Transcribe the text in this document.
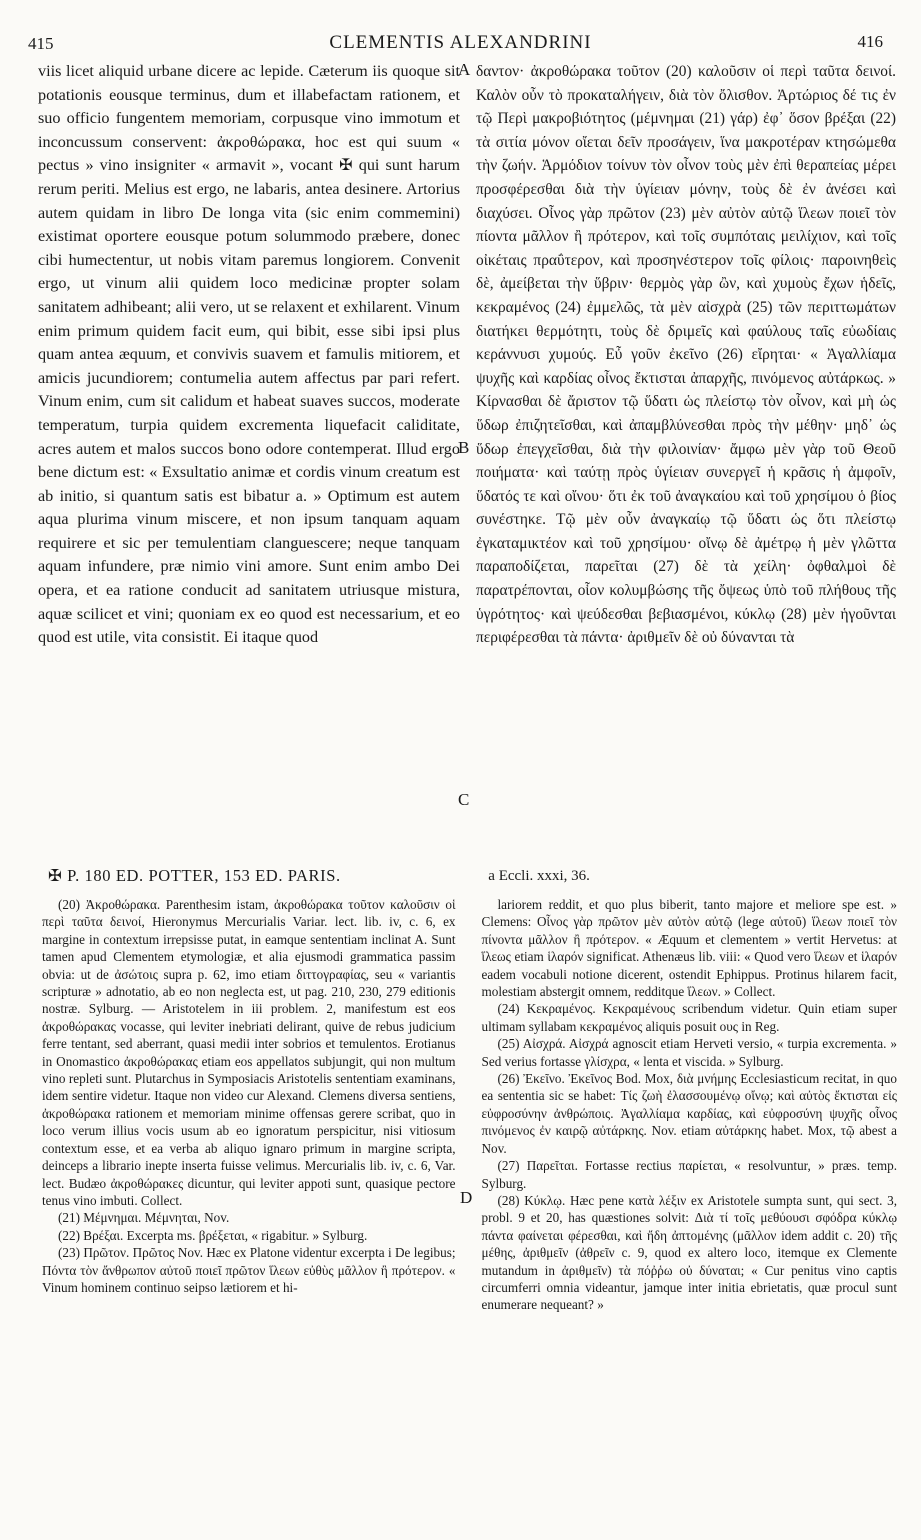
415	CLEMENTIS ALEXANDRINI	416

viis licet aliquid urbane dicere ac lepide. Cæterum iis quoque sit potationis eousque terminus, dum et illabefactam rationem, et suo officio fungentem memoriam, corpusque vino immotum et inconcussum conservent: ἀκροθώρακα, hoc est qui suum « pectus » vino insigniter « armavit », vocant ✠ qui sunt harum rerum periti. Melius est ergo, ne labaris, antea desinere. Artorius autem quidam in libro De longa vita (sic enim commemini) existimat oportere eousque potum solummodo præbere, donec cibi humectentur, ut nobis vitam paremus longiorem. Convenit ergo, ut vinum alii quidem loco medicinæ propter solam sanitatem adhibeant; alii vero, ut se relaxent et exhilarent. Vinum enim primum quidem facit eum, qui bibit, esse sibi ipsi plus quam antea æquum, et convivis suavem et famulis mitiorem, et amicis jucundiorem; contumelia autem affectus par pari refert. Vinum enim, cum sit calidum et habeat suaves succos, moderate temperatum, turpia quidem excrementa liquefacit caliditate, acres autem et malos succos bono odore contemperat. Illud ergo bene dictum est: « Exsultatio animæ et cordis vinum creatum est ab initio, si quantum satis est bibatur a. » Optimum est autem aqua plurima vinum miscere, et non ipsum tanquam aquam requirere et sic per temulentiam clanguescere; neque tanquam aquam infundere, præ nimio vini amore. Sunt enim ambo Dei opera, et ea ratione conducit ad sanitatem utriusque mistura, aquæ scilicet et vini; quoniam ex eo quod est necessarium, et eo quod est utile, vita consistit. Ei itaque quod

δαντον· ἀκροθώρακα τοῦτον (20) καλοῦσιν οἱ περὶ ταῦτα δεινοί. Καλὸν οὖν τὸ προκαταλήγειν, διὰ τὸν ὄλισθον. Ἀρτώριος δέ τις ἐν τῷ Περὶ μακροβιότητος (μέμνημαι (21) γάρ) ἐφ᾽ ὅσον βρέξαι (22) τὰ σιτία μόνον οἴεται δεῖν προσάγειν, ἵνα μακροτέραν κτησώμεθα τὴν ζωήν. Ἁρμόδιον τοίνυν τὸν οἶνον τοὺς μὲν ἐπὶ θεραπείας μέρει προσφέρεσθαι διὰ τὴν ὑγίειαν μόνην, τοὺς δὲ ἐν ἀνέσει καὶ διαχύσει. Οἶνος γὰρ πρῶτον (23) μὲν αὐτὸν αὐτῷ ἵλεων ποιεῖ τὸν πίοντα μᾶλλον ἢ πρότερον, καὶ τοῖς συμπόταις μειλίχιον, καὶ τοῖς οἰκέταις πραΰτερον, καὶ προσηνέστερον τοῖς φίλοις· παροινηθεὶς δὲ, ἀμείβεται τὴν ὕβριν· θερμὸς γὰρ ὢν, καὶ χυμοὺς ἔχων ἡδεῖς, κεκραμένος (24) ἐμμελῶς, τὰ μὲν αἰσχρὰ (25) τῶν περιττωμάτων διατήκει θερμότητι, τοὺς δὲ δριμεῖς καὶ φαύλους ταῖς εὐωδίαις κεράννυσι χυμούς. Εὖ γοῦν ἐκεῖνο (26) εἴρηται· « Ἀγαλλίαμα ψυχῆς καὶ καρδίας οἶνος ἔκτισται ἀπαρχῆς, πινόμενος αὐτάρκως. » Κίρνασθαι δὲ ἄριστον τῷ ὕδατι ὡς πλείστῳ τὸν οἶνον, καὶ μὴ ὡς ὕδωρ ἐπιζητεῖσθαι, καὶ ἀπαμβλύνεσθαι πρὸς τὴν μέθην· μηδ᾽ ὡς ὕδωρ ἐπεγχεῖσθαι, διὰ τὴν φιλοινίαν· ἄμφω μὲν γὰρ τοῦ Θεοῦ ποιήματα· καὶ ταύτῃ πρὸς ὑγίειαν συνεργεῖ ἡ κρᾶσις ἡ ἀμφοῖν, ὕδατός τε καὶ οἴνου· ὅτι ἐκ τοῦ ἀναγκαίου καὶ τοῦ χρησίμου ὁ βίος συνέστηκε. Τῷ μὲν οὖν ἀναγκαίῳ τῷ ὕδατι ὡς ὅτι πλείστῳ ἐγκαταμικτέον καὶ τοῦ χρησίμου· οἴνῳ δὲ ἀμέτρῳ ἡ μὲν γλῶττα παραποδίζεται, παρεῖται (27) δὲ τὰ χείλη· ὀφθαλμοὶ δὲ παρατρέπονται, οἷον κολυμβώσης τῆς ὄψεως ὑπὸ τοῦ πλήθους τῆς ὑγρότητος· καὶ ψεύδεσθαι βεβιασμένοι, κύκλῳ (28) μὲν ἡγοῦνται περιφέρεσθαι τὰ πάντα· ἀριθμεῖν δὲ οὐ δύνανται τὰ

A
B
C
✠ P. 180 ED. POTTER, 153 ED. PARIS.	a Eccli. xxxi, 36.

(20) Ἀκροθώρακα. Parenthesim istam, ἀκροθώρακα τοῦτον καλοῦσιν οἱ περὶ ταῦτα δεινοί, Hieronymus Mercurialis Variar. lect. lib. iv, c. 6, ex margine in contextum irrepsisse putat, in eamque sententiam inclinat A. Sunt tamen apud Clementem etymologiæ, et alia ejusmodi grammatica passim obvia: ut de ἀσώτοις supra p. 62, imo etiam διττογραφίας, seu « variantis scripturæ » adnotatio, ab eo non neglecta est, ut pag. 210, 230, 279 editionis nostræ. Sylburg. — Aristotelem in iii problem. 2, manifestum est eos ἀκροθώρακας vocasse, qui leviter inebriati delirant, quive de rebus judicium ferre tentant, sed aberrant, quasi medii inter sobrios et temulentos. Erotianus in Onomastico ἀκροθώρακας etiam eos appellatos subjungit, qui non multum vino repleti sunt. Plutarchus in Symposiacis Aristotelis sententiam examinans, idem sentire videtur. Itaque non video cur Alexand. Clemens diversa sentiens, ἀκροθώρακα rationem et memoriam minime offensas gerere scribat, quo in loco verum illius vocis usum ab eo ignoratum perspicitur, nisi vitiosum contextum esse, et ea verba ab aliquo ignaro primum in margine scripta, deinceps a librario inepte inserta fuisse velimus. Mercurialis lib. iv, c. 6, Var. lect. Budæo ἀκροθώρακες dicuntur, qui leviter appoti sunt, quasique pectore tenus vino imbuti. Collect.

(21) Μέμνημαι. Μέμνηται, Nov.

(22) Βρέξαι. Excerpta ms. βρέξεται, « rigabitur. » Sylburg.

(23) Πρῶτον. Πρῶτος Nov. Hæc ex Platone videntur excerpta i De legibus; Πόντα τὸν ἄνθρωπον αὐτοῦ ποιεῖ πρῶτον ἵλεων εὐθὺς μᾶλλον ἢ πρότερον. « Vinum hominem continuo seipso lætiorem et hi-

lariorem reddit, et quo plus biberit, tanto majore et meliore spe est. » Clemens: Οἶνος γὰρ πρῶτον μὲν αὐτὸν αὐτῷ (lege αὑτοῦ) ἵλεων ποιεῖ τὸν πίνοντα μᾶλλον ἢ πρότερον. « Æquum et clementem » vertit Hervetus: at ἵλεως etiam ἱλαρόν significat. Athenæus lib. viii: « Quod vero ἵλεων et ἱλαρόν eadem vocabuli notione dicerent, ostendit Ephippus. Protinus hilarem facit, molestiam abstergit omnem, redditque ἵλεων. » Collect.

(24) Κεκραμένος. Κεκραμένους scribendum videtur. Quin etiam super ultimam syllabam κεκραμένος aliquis posuit ους in Reg.

(25) Αἰσχρά. Αἰσχρά agnoscit etiam Herveti versio, « turpia excrementa. » Sed verius fortasse γλίσχρα, « lenta et viscida. » Sylburg.

(26) Ἐκεῖνο. Ἐκεῖνος Bod. Mox, διὰ μνήμης Ecclesiasticum recitat, in quo ea sententia sic se habet: Τίς ζωὴ ἐλασσουμένῳ οἴνῳ; καὶ αὐτὸς ἔκτισται εἰς εὐφροσύνην ἀνθρώποις. Ἀγαλλίαμα καρδίας, καὶ εὐφροσύνη ψυχῆς οἶνος πινόμενος ἐν καιρῷ αὐτάρκης. Nov. etiam αὐτάρκης habet. Mox, τῷ abest a Nov.

(27) Παρεῖται. Fortasse rectius παρίεται, « resolvuntur, » præs. temp. Sylburg.

(28) Κύκλῳ. Hæc pene κατὰ λέξιν ex Aristotele sumpta sunt, qui sect. 3, probl. 9 et 20, has quæstiones solvit: Διὰ τί τοῖς μεθύουσι σφόδρα κύκλῳ πάντα φαίνεται φέρεσθαι, καὶ ἤδη ἀπτομένης (μᾶλλον idem addit c. 20) τῆς μέθης, ἀριθμεῖν (ἀθρεῖν c. 9, quod ex altero loco, itemque ex Clemente mutandum in ἀριθμεῖν) τὰ πόῤῥω οὐ δύναται; « Cur penitus vino captis circumferri omnia videantur, jamque inter initia ebrietatis, quæ procul sunt enumerare nequeant? »

D
